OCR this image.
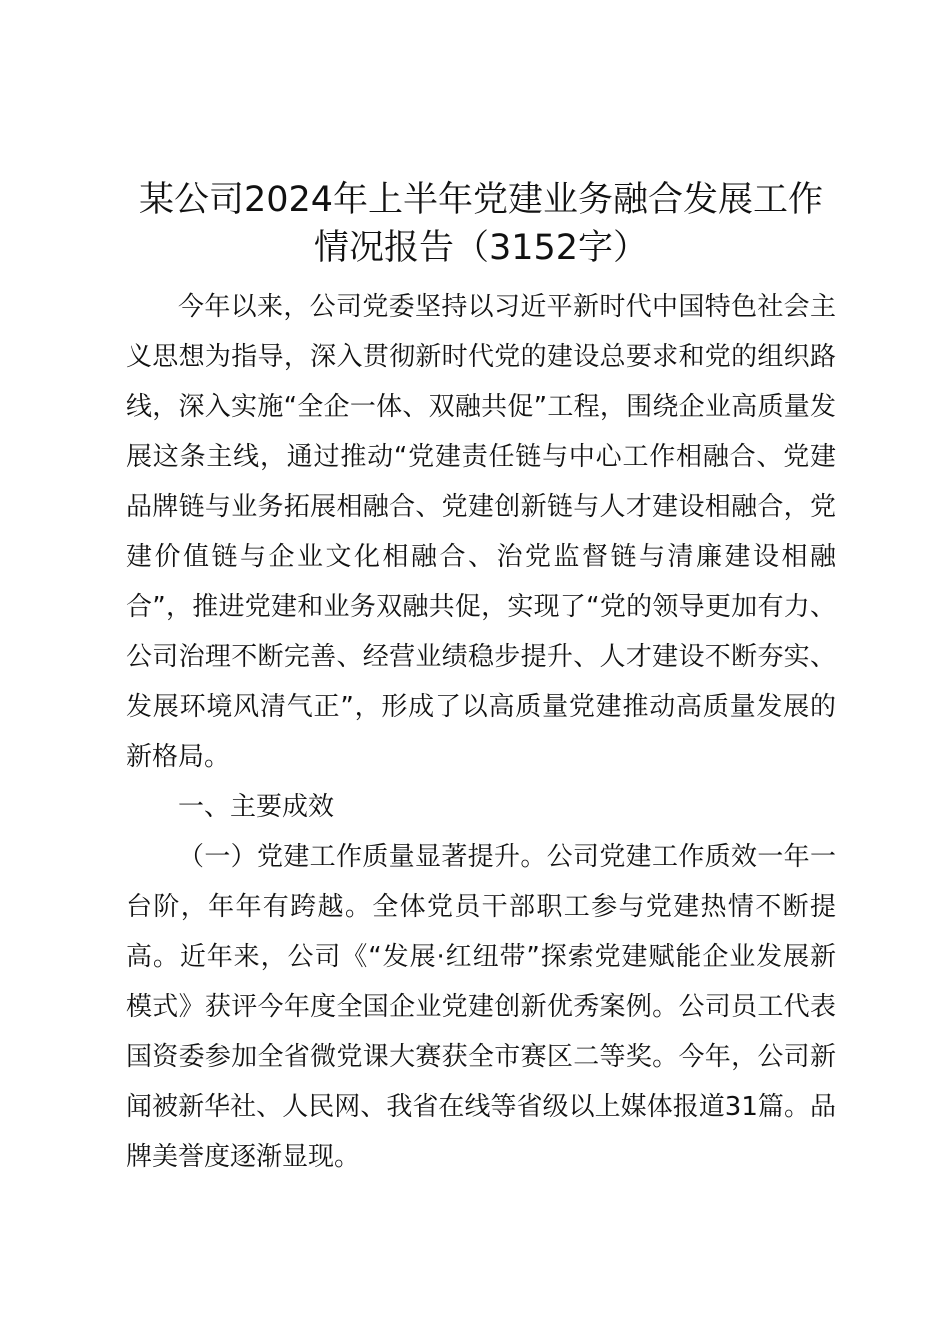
某公司2024年上半年党建业务融合发展工作
情况报告（3152字）

今年以来，公司党委坚持以习近平新时代中国特色社会主义思想为指导，深入贯彻新时代党的建设总要求和党的组织路线，深入实施“全企一体、双融共促”工程，围绕企业高质量发展这条主线，通过推动“党建责任链与中心工作相融合、党建品牌链与业务拓展相融合、党建创新链与人才建设相融合，党建价值链与企业文化相融合、治党监督链与清廉建设相融合”，推进党建和业务双融共促，实现了“党的领导更加有力、公司治理不断完善、经营业绩稳步提升、人才建设不断夯实、发展环境风清气正”，形成了以高质量党建推动高质量发展的新格局。

一、主要成效

（一）党建工作质量显著提升。公司党建工作质效一年一台阶，年年有跨越。全体党员干部职工参与党建热情不断提高。近年来，公司《“发展·红纽带”探索党建赋能企业发展新模式》获评今年度全国企业党建创新优秀案例。公司员工代表国资委参加全省微党课大赛获全市赛区二等奖。今年，公司新闻被新华社、人民网、我省在线等省级以上媒体报道31篇。品牌美誉度逐渐显现。
